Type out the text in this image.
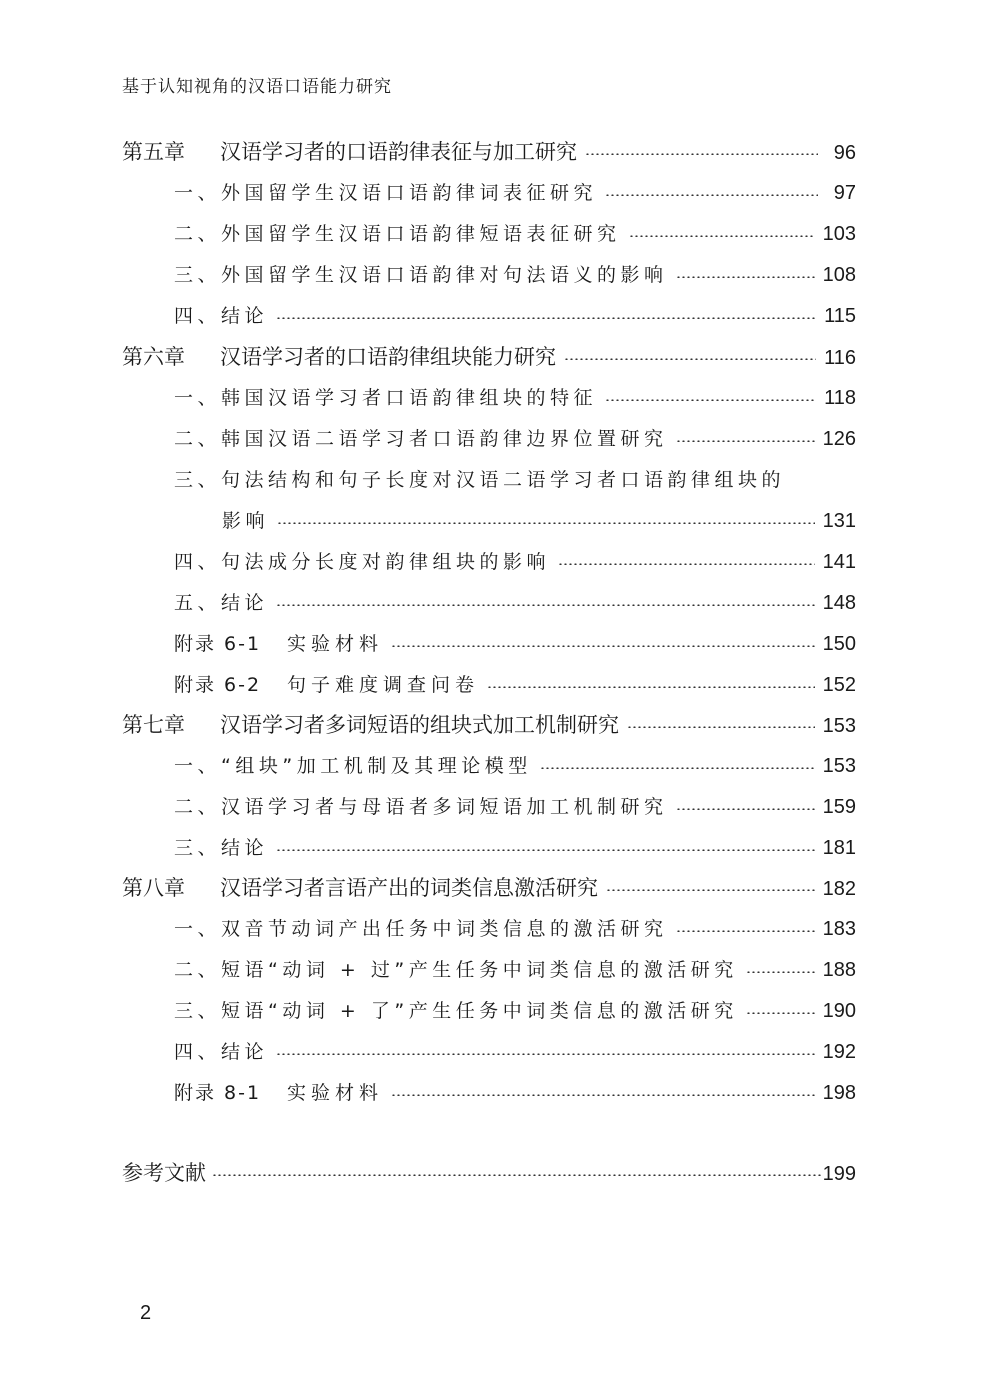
基于认知视角的汉语口语能力研究
第五章	汉语学习者的口语韵律表征与加工研究	96
一、 外国留学生汉语口语韵律词表征研究	97
二、 外国留学生汉语口语韵律短语表征研究	103
三、 外国留学生汉语口语韵律对句法语义的影响	108
四、 结论	115
第六章	汉语学习者的口语韵律组块能力研究	116
一、 韩国汉语学习者口语韵律组块的特征	118
二、 韩国汉语二语学习者口语韵律边界位置研究	126
三、 句法结构和句子长度对汉语二语学习者口语韵律组块的
影响	131
四、 句法成分长度对韵律组块的影响	141
五、 结论	148
附录 6-1	实验材料	150
附录 6-2	句子难度调查问卷	152
第七章	汉语学习者多词短语的组块式加工机制研究	153
一、 “组块”加工机制及其理论模型	153
二、 汉语学习者与母语者多词短语加工机制研究	159
三、 结论	181
第八章	汉语学习者言语产出的词类信息激活研究	182
一、 双音节动词产出任务中词类信息的激活研究	183
二、 短语“动词 + 过”产生任务中词类信息的激活研究	188
三、 短语“动词 + 了”产生任务中词类信息的激活研究	190
四、 结论	192
附录 8-1	实验材料	198
参考文献	199
2
